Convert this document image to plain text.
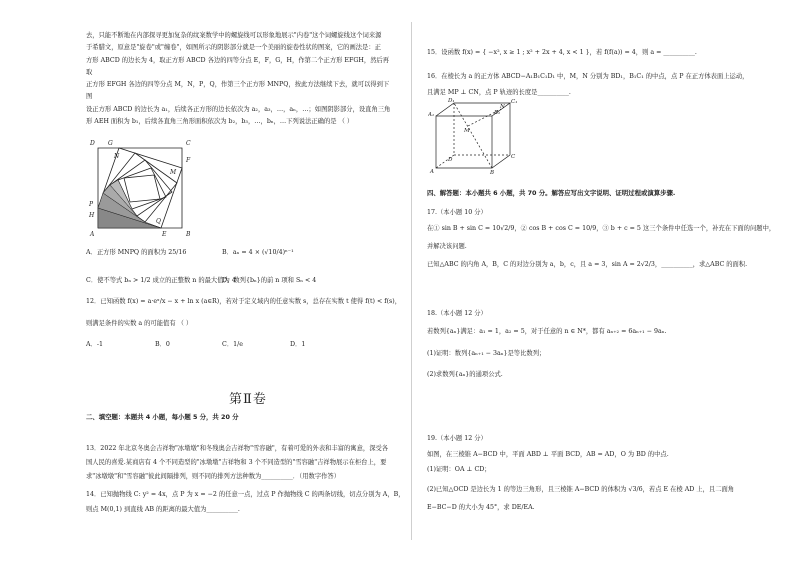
去，只能不断地在内部探寻更加复杂的纹案数学中的螺旋线可以形象地展示"内卷"这个词螺旋线这个词来源

于希腊文，原意是"旋卷"或"缠卷"，如图所示的阴影部分就是一个美丽的旋卷性状的图案，它的画法是：正

方形 ABCD 的边长为 4，取正方形 ABCD 各边的四等分点 E，F，G，H，作第二个正方形 EFGH，然后再取

正方形 EFGH 各边的四等分点 M，N，P，Q，作第三个正方形 MNPQ，按此方法继续下去，就可以得到下图

设正方形 ABCD 的边长为 a₁，后续各正方形的边长依次为 a₂，a₃，…，aₙ，…；如图阴影部分，设直角三角

形 AEH 面积为 b₁，后续各直角三角形面积依次为 b₂，b₃，…，bₙ，…下列说法正确的是 （ ）

D G	C
F
N
M
P
H
Q
A	E	B
A．正方形 MNPQ 的面积为 25/16	B．aₙ = 4 × (√10/4)ⁿ⁻¹
C．使不等式 bₙ > 1/2 成立的正整数 n 的最大值为 4
D．数列{bₙ}的前 n 项和 Sₙ < 4
12．已知函数 f(x) = a·eˣ/x − x + ln x (a∈R)，若对于定义域内的任意实数 s，总存在实数 t 使得 f(t) < f(s)，
则满足条件的实数 a 的可能值有 （ ）
A．-1	B．0	C．1/e	D．1
第Ⅱ卷
二、填空题：本题共 4 小题，每小题 5 分，共 20 分
13．2022 年北京冬奥会吉祥物"冰墩墩"和冬残奥会吉祥物"雪容融"，有着可爱的外表和丰富的寓意，深受各
国人民的喜爱.某商店有 4 个不同造型的"冰墩墩"吉祥物和 3 个不同造型的"雪容融"吉祥物展示在柜台上，要
求"冰墩墩"和"雪容融"彼此间隔排列，则不同的排列方法种数为__________．（用数字作答）
14．已知抛物线 C: y² = 4x，点 P 为 x = −2 的任意一点，过点 P 作抛物线 C 的两条切线，切点分别为 A，B，
则点 M(0,1) 到直线 AB 的距离的最大值为__________.
15．设函数 f(x) = { −x², x ≥ 1 ; x² + 2x + 4, x < 1 }，若 f(f(a)) = 4，则 a = __________.
16．在棱长为 a 的正方体 ABCD−A₁B₁C₁D₁ 中，M，N 分别为 BD₁，B₁C₁ 的中点，点 P 在正方体表面上运动，
且满足 MP ⊥ CN，点 P 轨迹的长度是__________.
D₁	C₁
A₁	B₁
N
M
D	C
A	B
四、解答题：本小题共 6 小题，共 70 分。解答应写出文字说明、证明过程或演算步骤.
17.（本小题 10 分）
在① sin B + sin C = 10√2/9，② cos B + cos C = 10/9，③ b + c = 5 这三个条件中任选一个，补充在下面的问题中，
并解决该问题.
已知△ABC 的内角 A，B，C 的对边分别为 a，b，c，且 a = 3，sin A = 2√2/3，__________，求△ABC 的面积.
18.（本小题 12 分）
若数列{aₙ}满足：a₁ = 1，a₂ = 5，对于任意的 n ∈ N*，都有 aₙ₊₂ = 6aₙ₊₁ − 9aₙ.
(1)证明：数列{aₙ₊₁ − 3aₙ}是等比数列；
(2)求数列{aₙ}的通项公式.
19.（本小题 12 分）
如图，在三棱锥 A−BCD 中，平面 ABD ⊥ 平面 BCD，AB = AD，O 为 BD 的中点.
(1)证明：OA ⊥ CD；
(2)已知△OCD 是边长为 1 的等边三角形，且三棱锥 A−BCD 的体积为 √3/6，若点 E 在棱 AD 上，且二面角
E−BC−D 的大小为 45°，求 DE/EA.
